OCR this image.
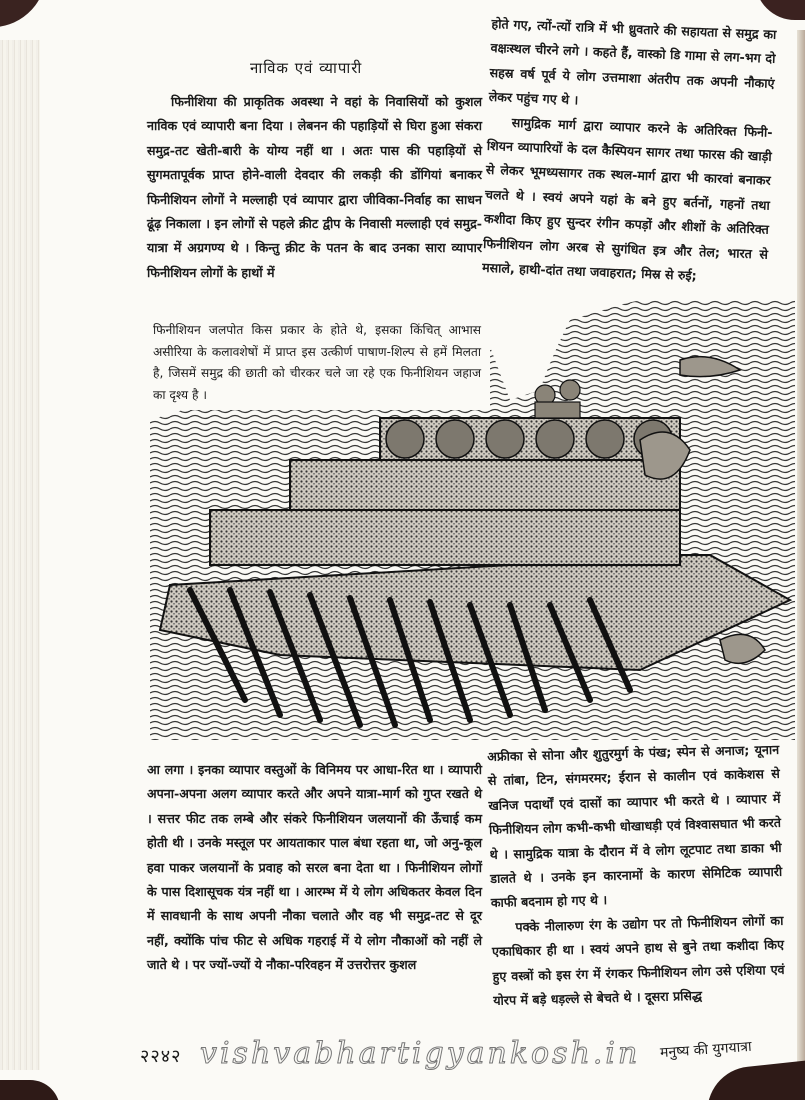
नाविक एवं व्यापारी

फिनीशिया की प्राकृतिक अवस्था ने वहां के निवासियों को कुशल नाविक एवं व्यापारी बना दिया । लेबनन की पहाड़ियों से घिरा हुआ संकरा समुद्र-तट खेती-बारी के योग्य नहीं था । अतः पास की पहाड़ियों से सुगमतापूर्वक प्राप्त होने-वाली देवदार की लकड़ी की डोंगियां बनाकर फिनीशियन लोगों ने मल्लाही एवं व्यापार द्वारा जीविका-निर्वाह का साधन ढूंढ़ निकाला । इन लोगों से पहले क्रीट द्वीप के निवासी मल्लाही एवं समुद्र-यात्रा में अग्रगण्य थे । किन्तु क्रीट के पतन के बाद उनका सारा व्यापार फिनीशियन लोगों के हाथों में

होते गए, त्यों-त्यों रात्रि में भी ध्रुवतारे की सहायता से समुद्र का वक्षःस्थल चीरने लगे । कहते हैं, वास्को डि गामा से लग-भग दो सहस्र वर्ष पूर्व ये लोग उत्तमाशा अंतरीप तक अपनी नौकाएं लेकर पहुंच गए थे ।

सामुद्रिक मार्ग द्वारा व्यापार करने के अतिरिक्त फिनी-शियन व्यापारियों के दल कैस्पियन सागर तथा फारस की खाड़ी से लेकर भूमध्यसागर तक स्थल-मार्ग द्वारा भी कारवां बनाकर चलते थे । स्वयं अपने यहां के बने हुए बर्तनों, गहनों तथा कशीदा किए हुए सुन्दर रंगीन कपड़ों और शीशों के अतिरिक्त फिनीशियन लोग अरब से सुगंधित इत्र और तेल; भारत से मसाले, हाथी-दांत तथा जवाहरात; मिस्र से रुई;

फिनीशियन जलपोत किस प्रकार के होते थे, इसका किंचित् आभास असीरिया के कलावशेषों में प्राप्त इस उत्कीर्ण पाषाण-शिल्प से हमें मिलता है, जिसमें समुद्र की छाती को चीरकर चले जा रहे एक फिनीशियन जहाज का दृश्य है ।

आ लगा । इनका व्यापार वस्तुओं के विनिमय पर आधा-रित था । व्यापारी अपना-अपना अलग व्यापार करते और अपने यात्रा-मार्ग को गुप्त रखते थे । सत्तर फीट तक लम्बे और संकरे फिनीशियन जलयानों की ऊँचाई कम होती थी । उनके मस्तूल पर आयताकार पाल बंधा रहता था, जो अनु-कूल हवा पाकर जलयानों के प्रवाह को सरल बना देता था । फिनीशियन लोगों के पास दिशासूचक यंत्र नहीं था । आरम्भ में ये लोग अधिकतर केवल दिन में सावधानी के साथ अपनी नौका चलाते और वह भी समुद्र-तट से दूर नहीं, क्योंकि पांच फीट से अधिक गहराई में ये लोग नौकाओं को नहीं ले जाते थे । पर ज्यों-ज्यों ये नौका-परिवहन में उत्तरोत्तर कुशल

अफ्रीका से सोना और शुतुरमुर्ग के पंख; स्पेन से अनाज; यूनान से तांबा, टिन, संगमरमर; ईरान से कालीन एवं काकेशस से खनिज पदार्थों एवं दासों का व्यापार भी करते थे । व्यापार में फिनीशियन लोग कभी-कभी धोखाधड़ी एवं विश्वासघात भी करते थे । सामुद्रिक यात्रा के दौरान में वे लोग लूटपाट तथा डाका भी डालते थे । उनके इन कारनामों के कारण सेमिटिक व्यापारी काफी बदनाम हो गए थे ।

पक्के नीलारुण रंग के उद्योग पर तो फिनीशियन लोगों का एकाधिकार ही था । स्वयं अपने हाथ से बुने तथा कशीदा किए हुए वस्त्रों को इस रंग में रंगकर फिनीशियन लोग उसे एशिया एवं योरप में बड़े धड़ल्ले से बेचते थे । दूसरा प्रसिद्ध

२२४२ vishvabhartigyankosh.in मनुष्य की युगयात्रा
